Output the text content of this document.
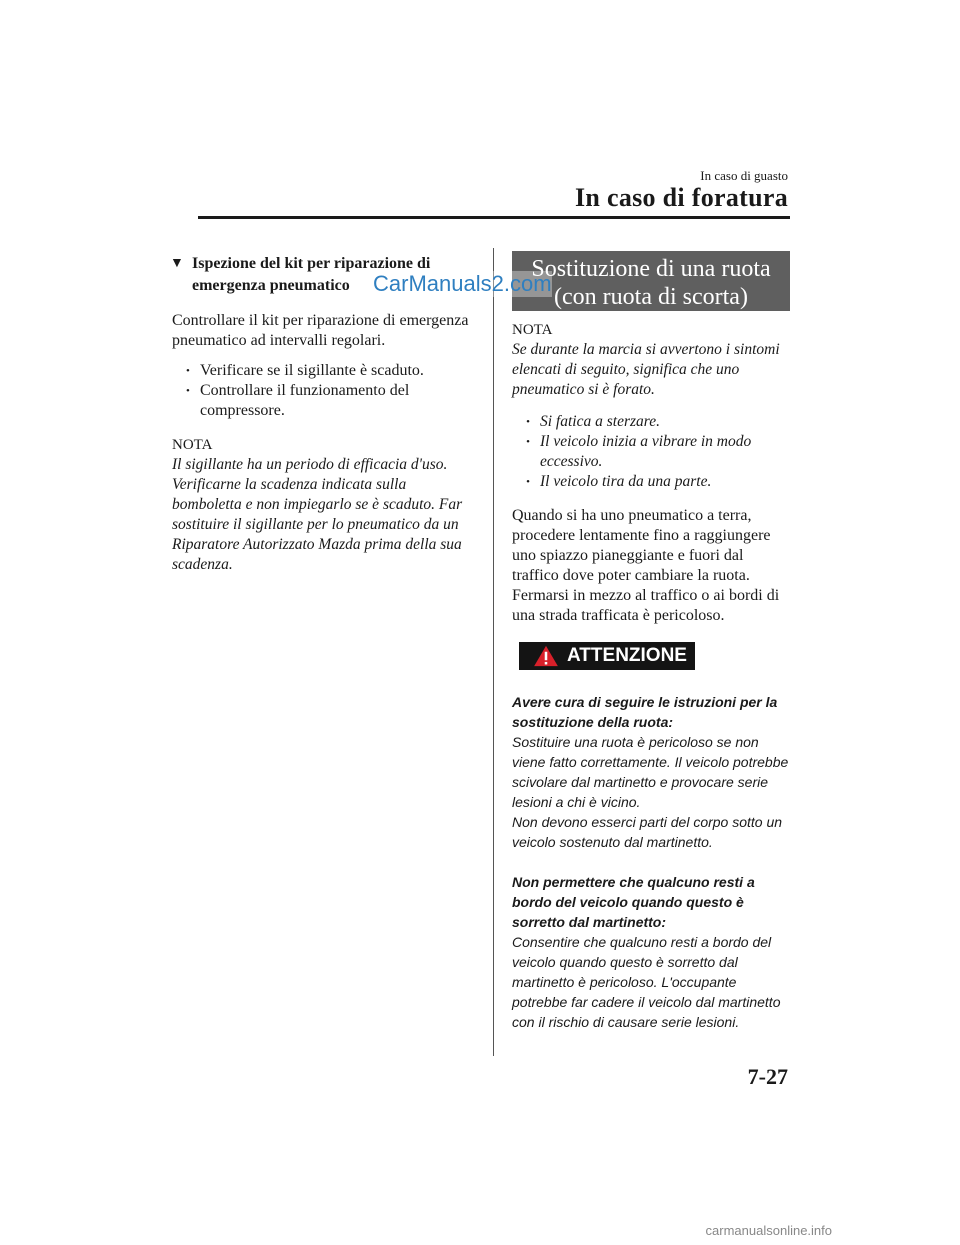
In caso di guasto
In caso di foratura
▼ Ispezione del kit per riparazione di emergenza pneumatico
Controllare il kit per riparazione di emergenza pneumatico ad intervalli regolari.
• Verificare se il sigillante è scaduto.
• Controllare il funzionamento del compressore.
NOTA
Il sigillante ha un periodo di efficacia d'uso. Verificarne la scadenza indicata sulla bomboletta e non impiegarlo se è scaduto. Far sostituire il sigillante per lo pneumatico da un Riparatore Autorizzato Mazda prima della sua scadenza.
Sostituzione di una ruota
(con ruota di scorta)
CarManuals2.com
NOTA
Se durante la marcia si avvertono i sintomi elencati di seguito, significa che uno pneumatico si è forato.
• Si fatica a sterzare.
• Il veicolo inizia a vibrare in modo eccessivo.
• Il veicolo tira da una parte.
Quando si ha uno pneumatico a terra, procedere lentamente fino a raggiungere uno spiazzo pianeggiante e fuori dal traffico dove poter cambiare la ruota. Fermarsi in mezzo al traffico o ai bordi di una strada trafficata è pericoloso.
ATTENZIONE
Avere cura di seguire le istruzioni per la sostituzione della ruota:
Sostituire una ruota è pericoloso se non viene fatto correttamente. Il veicolo potrebbe scivolare dal martinetto e provocare serie lesioni a chi è vicino.
Non devono esserci parti del corpo sotto un veicolo sostenuto dal martinetto.
Non permettere che qualcuno resti a bordo del veicolo quando questo è sorretto dal martinetto:
Consentire che qualcuno resti a bordo del veicolo quando questo è sorretto dal martinetto è pericoloso. L'occupante potrebbe far cadere il veicolo dal martinetto con il rischio di causare serie lesioni.
7-27
carmanualsonline.info
